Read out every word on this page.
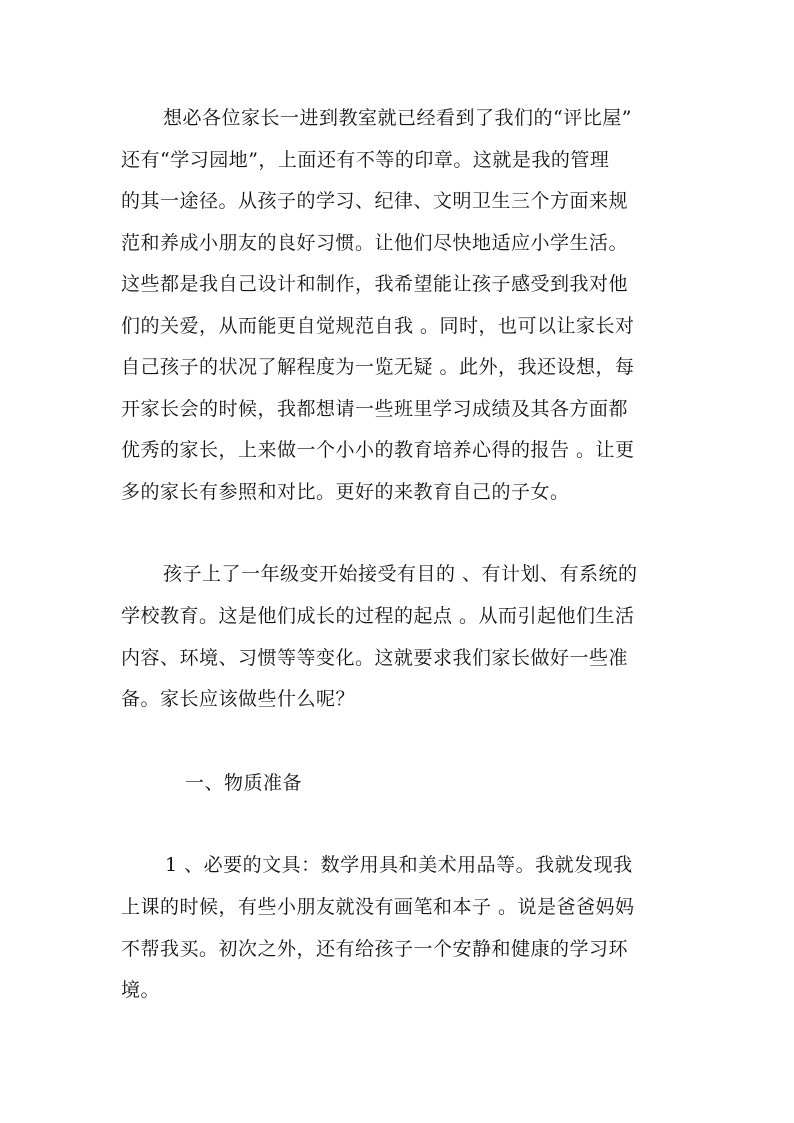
想必各位家长一进到教室就已经看到了我们的“评比屋”
还有“学习园地”，上面还有不等的印章。这就是我的管理
的其一途径。从孩子的学习、纪律、文明卫生三个方面来规
范和养成小朋友的良好习惯。让他们尽快地适应小学生活。
这些都是我自己设计和制作，我希望能让孩子感受到我对他
们的关爱，从而能更自觉规范自我 。同时，也可以让家长对
自己孩子的状况了解程度为一览无疑 。此外，我还设想，每
开家长会的时候，我都想请一些班里学习成绩及其各方面都
优秀的家长，上来做一个小小的教育培养心得的报告 。让更
多的家长有参照和对比。更好的来教育自己的子女。
孩子上了一年级变开始接受有目的 、有计划、有系统的
学校教育。这是他们成长的过程的起点 。从而引起他们生活
内容、环境、习惯等等变化。这就要求我们家长做好一些准
备。家长应该做些什么呢？
一、物质准备
1 、必要的文具：数学用具和美术用品等。我就发现我
上课的时候，有些小朋友就没有画笔和本子 。说是爸爸妈妈
不帮我买。初次之外，还有给孩子一个安静和健康的学习环
境。
